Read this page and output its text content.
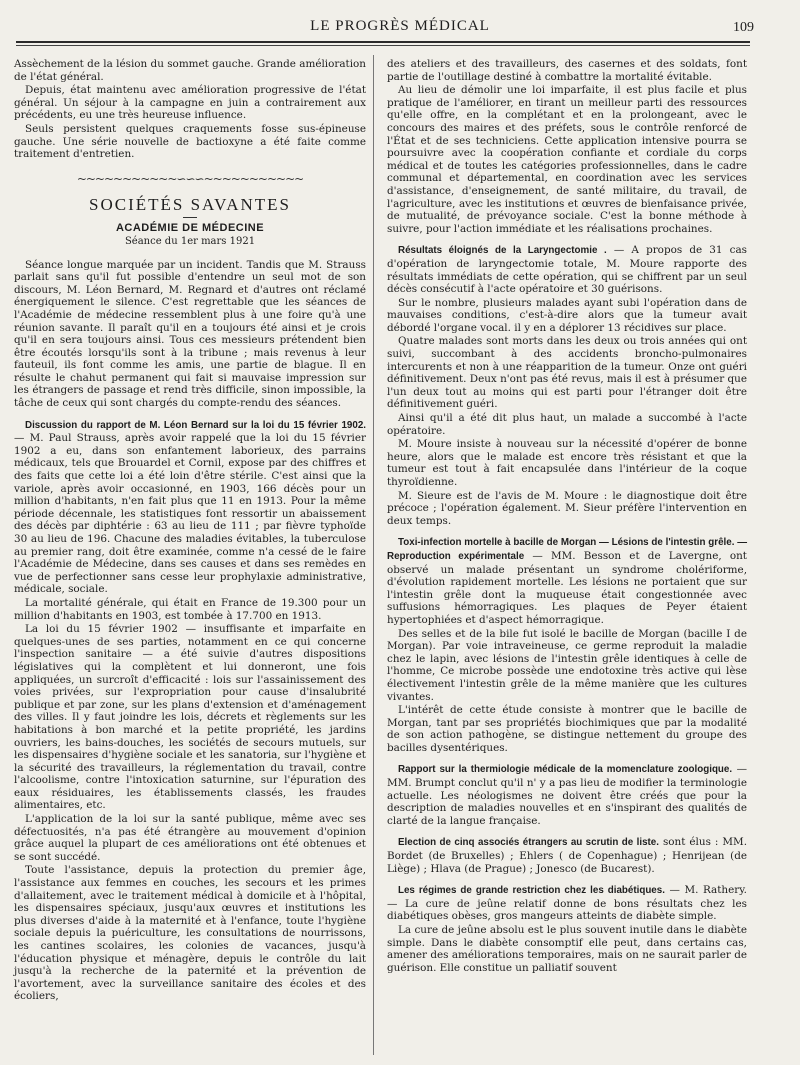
LE PROGRÈS MÉDICAL	109

Assèchement de la lésion du sommet gauche. Grande amélioration de l'état général.

Depuis, état maintenu avec amélioration progressive de l'état général. Un séjour à la campagne en juin a contrairement aux précédents, eu une très heureuse influence.

Seuls persistent quelques craquements fosse sus-épineuse gauche. Une série nouvelle de bactioxyne a été faite comme traitement d'entretien.

~~~~~~~~~~~∽∽∽~~~~~~~~~~~
SOCIÉTÉS SAVANTES
ACADÉMIE DE MÉDECINE
Séance du 1er mars 1921

Séance longue marquée par un incident. Tandis que M. Strauss parlait sans qu'il fut possible d'entendre un seul mot de son discours, M. Léon Bernard, M. Regnard et d'autres ont réclamé énergiquement le silence. C'est regrettable que les séances de l'Académie de médecine ressemblent plus à une foire qu'à une réunion savante. Il paraît qu'il en a toujours été ainsi et je crois qu'il en sera toujours ainsi. Tous ces messieurs prétendent bien être écoutés lorsqu'ils sont à la tribune ; mais revenus à leur fauteuil, ils font comme les amis, une partie de blague. Il en résulte le chahut permanent qui fait si mauvaise impression sur les étrangers de passage et rend très difficile, sinon impossible, la tâche de ceux qui sont chargés du compte-rendu des séances.

Discussion du rapport de M. Léon Bernard sur la loi du 15 février 1902. — M. Paul Strauss, après avoir rappelé que la loi du 15 février 1902 a eu, dans son enfantement laborieux, des parrains médicaux, tels que Brouardel et Cornil, expose par des chiffres et des faits que cette loi a été loin d'être stérile. C'est ainsi que la variole, après avoir occasionné, en 1903, 166 décès pour un million d'habitants, n'en fait plus que 11 en 1913. Pour la même période décennale, les statistiques font ressortir un abaissement des décès par diphtérie : 63 au lieu de 111 ; par fièvre typhoïde 30 au lieu de 196. Chacune des maladies évitables, la tuberculose au premier rang, doit être examinée, comme n'a cessé de le faire l'Académie de Médecine, dans ses causes et dans ses remèdes en vue de perfectionner sans cesse leur prophylaxie administrative, médicale, sociale.

La mortalité générale, qui était en France de 19.300 pour un million d'habitants en 1903, est tombée à 17.700 en 1913.

La loi du 15 février 1902 — insuffisante et imparfaite en quelques-unes de ses parties, notamment en ce qui concerne l'inspection sanitaire — a été suivie d'autres dispositions législatives qui la complètent et lui donneront, une fois appliquées, un surcroît d'efficacité : lois sur l'assainissement des voies privées, sur l'expropriation pour cause d'insalubrité publique et par zone, sur les plans d'extension et d'aménagement des villes. Il y faut joindre les lois, décrets et règlements sur les habitations à bon marché et la petite propriété, les jardins ouvriers, les bains-douches, les sociétés de secours mutuels, sur les dispensaires d'hygiène sociale et les sanatoria, sur l'hygiène et la sécurité des travailleurs, la réglementation du travail, contre l'alcoolisme, contre l'intoxication saturnine, sur l'épuration des eaux résiduaires, les établissements classés, les fraudes alimentaires, etc.

L'application de la loi sur la santé publique, même avec ses défectuosités, n'a pas été étrangère au mouvement d'opinion grâce auquel la plupart de ces améliorations ont été obtenues et se sont succédé.

Toute l'assistance, depuis la protection du premier âge, l'assistance aux femmes en couches, les secours et les primes d'allaitement, avec le traitement médical à domicile et à l'hôpital, les dispensaires spéciaux, jusqu'aux œuvres et institutions les plus diverses d'aide à la maternité et à l'enfance, toute l'hygiène sociale depuis la puériculture, les consultations de nourrissons, les cantines scolaires, les colonies de vacances, jusqu'à l'éducation physique et ménagère, depuis le contrôle du lait jusqu'à la recherche de la paternité et la prévention de l'avortement, avec la surveillance sanitaire des écoles et des écoliers,

des ateliers et des travailleurs, des casernes et des soldats, font partie de l'outillage destiné à combattre la mortalité évitable.

Au lieu de démolir une loi imparfaite, il est plus facile et plus pratique de l'améliorer, en tirant un meilleur parti des ressources qu'elle offre, en la complétant et en la prolongeant, avec le concours des maires et des préfets, sous le contrôle renforcé de l'État et de ses techniciens. Cette application intensive pourra se poursuivre avec la coopération confiante et cordiale du corps médical et de toutes les catégories professionnelles, dans le cadre communal et départemental, en coordination avec les services d'assistance, d'enseignement, de santé militaire, du travail, de l'agriculture, avec les institutions et œuvres de bienfaisance privée, de mutualité, de prévoyance sociale. C'est la bonne méthode à suivre, pour l'action immédiate et les réalisations prochaines.

Résultats éloignés de la Laryngectomie . — A propos de 31 cas d'opération de laryngectomie totale, M. Moure rapporte des résultats immédiats de cette opération, qui se chiffrent par un seul décès consécutif à l'acte opératoire et 30 guérisons.

Sur le nombre, plusieurs malades ayant subi l'opération dans de mauvaises conditions, c'est-à-dire alors que la tumeur avait débordé l'organe vocal. il y en a déplorer 13 récidives sur place.

Quatre malades sont morts dans les deux ou trois années qui ont suivi, succombant à des accidents broncho-pulmonaires intercurents et non à une réapparition de la tumeur. Onze ont guéri définitivement. Deux n'ont pas été revus, mais il est à présumer que l'un deux tout au moins qui est parti pour l'étranger doit être définitivement guéri.

Ainsi qu'il a été dit plus haut, un malade a succombé à l'acte opératoire.

M. Moure insiste à nouveau sur la nécessité d'opérer de bonne heure, alors que le malade est encore très résistant et que la tumeur est tout à fait encapsulée dans l'intérieur de la coque thyroïdienne.

M. Sieure est de l'avis de M. Moure : le diagnostique doit être précoce ; l'opération également. M. Sieur préfère l'intervention en deux temps.

Toxi-infection mortelle à bacille de Morgan — Lésions de l'intestin grêle. — Reproduction expérimentale — MM. Besson et de Lavergne, ont observé un malade présentant un syndrome cholériforme, d'évolution rapidement mortelle. Les lésions ne portaient que sur l'intestin grêle dont la muqueuse était congestionnée avec suffusions hémorragiques. Les plaques de Peyer étaient hypertophiées et d'aspect hémorragique.

Des selles et de la bile fut isolé le bacille de Morgan (bacille I de Morgan). Par voie intraveineuse, ce germe reproduit la maladie chez le lapin, avec lésions de l'intestin grêle identiques à celle de l'homme, Ce microbe possède une endotoxine très active qui lèse électivement l'intestin grêle de la même manière que les cultures vivantes.

L'intérêt de cette étude consiste à montrer que le bacille de Morgan, tant par ses propriétés biochimiques que par la modalité de son action pathogène, se distingue nettement du groupe des bacilles dysentériques.

Rapport sur la thermiologie médicale de la momenclature zoologique. — MM. Brumpt conclut qu'il n' y a pas lieu de modifier la terminologie actuelle. Les néologismes ne doivent être créés que pour la description de maladies nouvelles et en s'inspirant des qualités de clarté de la langue française.

Election de cinq associés étrangers au scrutin de liste. sont élus : MM. Bordet (de Bruxelles) ; Ehlers ( de Copenhague) ; Henrijean (de Liège) ; Hlava (de Prague) ; Jonesco (de Bucarest).

Les régimes de grande restriction chez les diabétiques. — M. Rathery. — La cure de jeûne relatif donne de bons résultats chez les diabétiques obèses, gros mangeurs atteints de diabète simple.

La cure de jeûne absolu est le plus souvent inutile dans le diabète simple. Dans le diabète consomptif elle peut, dans certains cas, amener des améliorations temporaires, mais on ne saurait parler de guérison. Elle constitue un palliatif souvent
